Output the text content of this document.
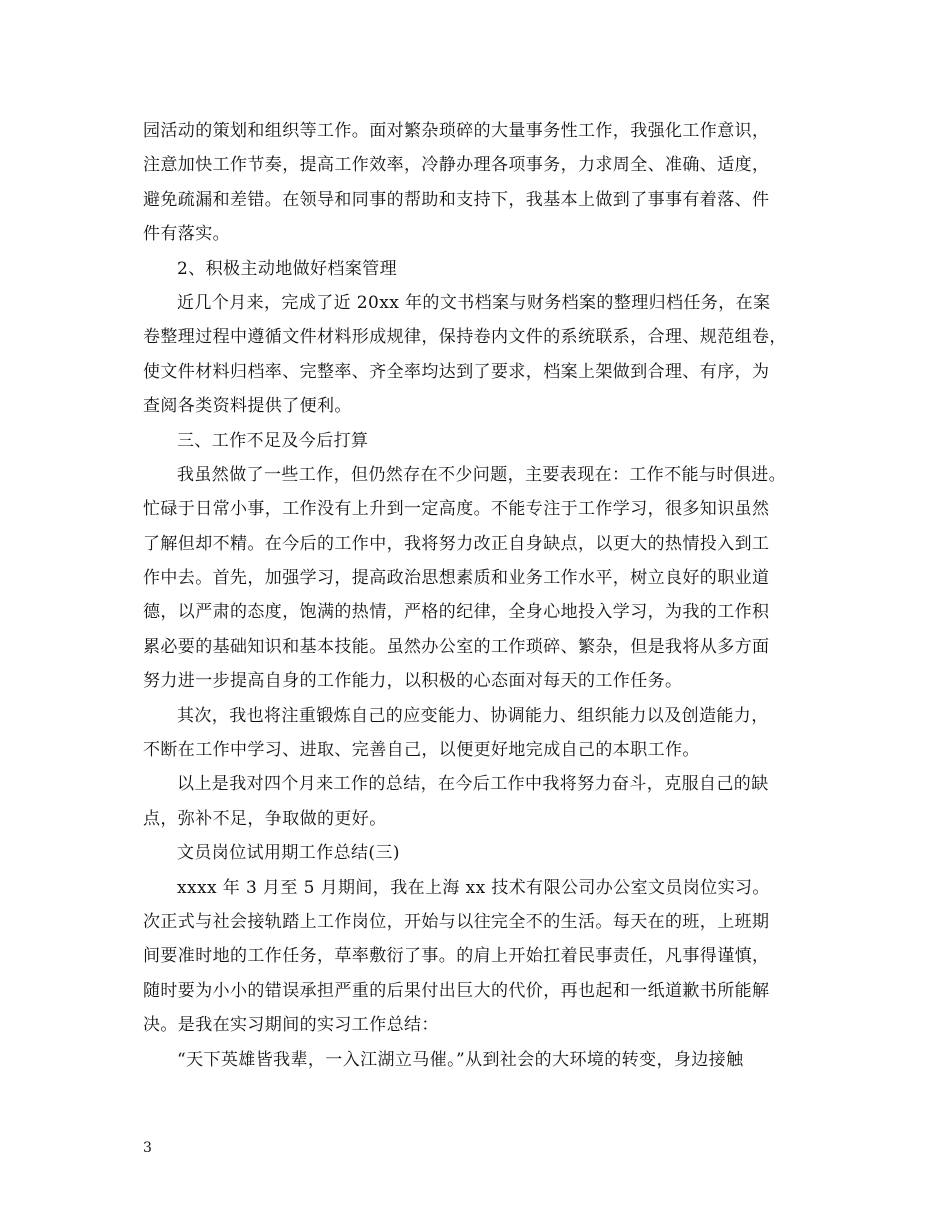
园活动的策划和组织等工作。面对繁杂琐碎的大量事务性工作，我强化工作意识，
注意加快工作节奏，提高工作效率，冷静办理各项事务，力求周全、准确、适度，
避免疏漏和差错。在领导和同事的帮助和支持下，我基本上做到了事事有着落、件
件有落实。
2、积极主动地做好档案管理
近几个月来，完成了近 20xx 年的文书档案与财务档案的整理归档任务，在案
卷整理过程中遵循文件材料形成规律，保持卷内文件的系统联系，合理、规范组卷，
使文件材料归档率、完整率、齐全率均达到了要求，档案上架做到合理、有序，为
查阅各类资料提供了便利。
三、工作不足及今后打算
我虽然做了一些工作，但仍然存在不少问题，主要表现在：工作不能与时俱进。
忙碌于日常小事，工作没有上升到一定高度。不能专注于工作学习，很多知识虽然
了解但却不精。在今后的工作中，我将努力改正自身缺点，以更大的热情投入到工
作中去。首先，加强学习，提高政治思想素质和业务工作水平，树立良好的职业道
德，以严肃的态度，饱满的热情，严格的纪律，全身心地投入学习，为我的工作积
累必要的基础知识和基本技能。虽然办公室的工作琐碎、繁杂，但是我将从多方面
努力进一步提高自身的工作能力，以积极的心态面对每天的工作任务。
其次，我也将注重锻炼自己的应变能力、协调能力、组织能力以及创造能力，
不断在工作中学习、进取、完善自己，以便更好地完成自己的本职工作。
以上是我对四个月来工作的总结，在今后工作中我将努力奋斗，克服自己的缺
点，弥补不足，争取做的更好。
文员岗位试用期工作总结(三)
xxxx 年 3 月至 5 月期间，我在上海 xx 技术有限公司办公室文员岗位实习。
次正式与社会接轨踏上工作岗位，开始与以往完全不的生活。每天在的班，上班期
间要准时地的工作任务，草率敷衍了事。的肩上开始扛着民事责任，凡事得谨慎，
随时要为小小的错误承担严重的后果付出巨大的代价，再也起和一纸道歉书所能解
决。是我在实习期间的实习工作总结：
“天下英雄皆我辈，一入江湖立马催。”从到社会的大环境的转变，身边接触
3
